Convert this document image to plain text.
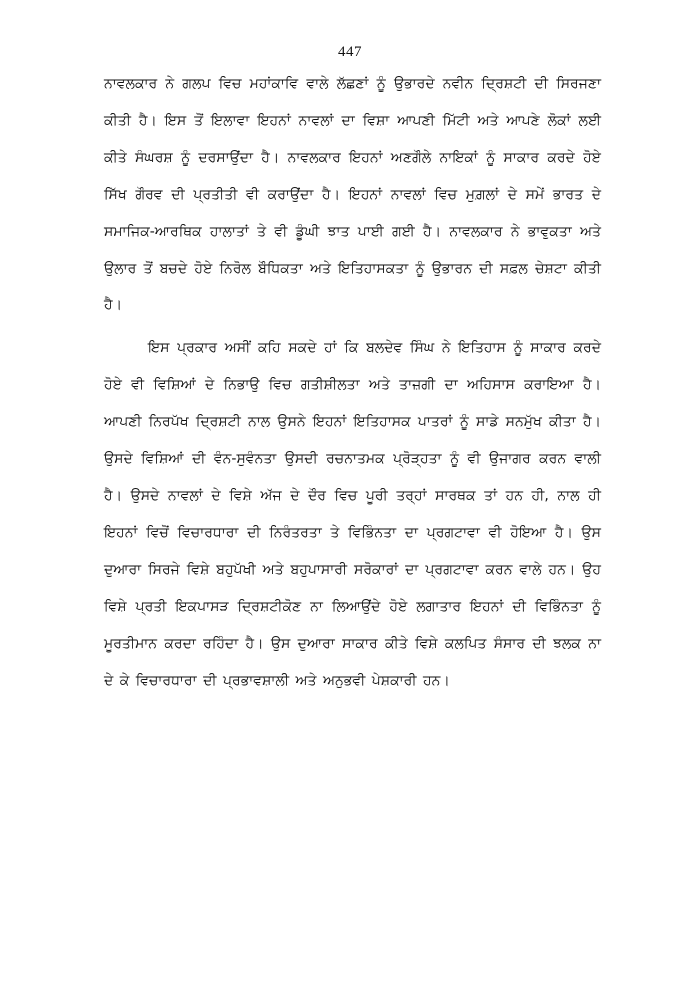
447

ਨਾਵਲਕਾਰ ਨੇ ਗਲਪ ਵਿਚ ਮਹਾਂਕਾਵਿ ਵਾਲੇ ਲੱਛਣਾਂ ਨੂੰ ਉਭਾਰਦੇ ਨਵੀਨ ਦ੍ਰਿਸ਼ਟੀ ਦੀ ਸਿਰਜਣਾ ਕੀਤੀ ਹੈ। ਇਸ ਤੋਂ ਇਲਾਵਾ ਇਹਨਾਂ ਨਾਵਲਾਂ ਦਾ ਵਿਸ਼ਾ ਆਪਣੀ ਮਿੱਟੀ ਅਤੇ ਆਪਣੇ ਲੋਕਾਂ ਲਈ ਕੀਤੇ ਸੰਘਰਸ਼ ਨੂੰ ਦਰਸਾਉਂਦਾ ਹੈ। ਨਾਵਲਕਾਰ ਇਹਨਾਂ ਅਣਗੌਲੇ ਨਾਇਕਾਂ ਨੂੰ ਸਾਕਾਰ ਕਰਦੇ ਹੋਏ ਸਿੱਖ ਗੌਰਵ ਦੀ ਪ੍ਰਤੀਤੀ ਵੀ ਕਰਾਉਂਦਾ ਹੈ। ਇਹਨਾਂ ਨਾਵਲਾਂ ਵਿਚ ਮੁਗ਼ਲਾਂ ਦੇ ਸਮੇਂ ਭਾਰਤ ਦੇ ਸਮਾਜਿਕ-ਆਰਥਿਕ ਹਾਲਾਤਾਂ ਤੇ ਵੀ ਡੂੰਘੀ ਝਾਤ ਪਾਈ ਗਈ ਹੈ। ਨਾਵਲਕਾਰ ਨੇ ਭਾਵੁਕਤਾ ਅਤੇ ਉਲਾਰ ਤੋਂ ਬਚਦੇ ਹੋਏ ਨਿਰੋਲ ਬੌਧਿਕਤਾ ਅਤੇ ਇਤਿਹਾਸਕਤਾ ਨੂੰ ਉਭਾਰਨ ਦੀ ਸਫ਼ਲ ਚੇਸ਼ਟਾ ਕੀਤੀ ਹੈ।

ਇਸ ਪ੍ਰਕਾਰ ਅਸੀਂ ਕਹਿ ਸਕਦੇ ਹਾਂ ਕਿ ਬਲਦੇਵ ਸਿੰਘ ਨੇ ਇਤਿਹਾਸ ਨੂੰ ਸਾਕਾਰ ਕਰਦੇ ਹੋਏ ਵੀ ਵਿਸ਼ਿਆਂ ਦੇ ਨਿਭਾਉ ਵਿਚ ਗਤੀਸ਼ੀਲਤਾ ਅਤੇ ਤਾਜ਼ਗੀ ਦਾ ਅਹਿਸਾਸ ਕਰਾਇਆ ਹੈ। ਆਪਣੀ ਨਿਰਪੱਖ ਦ੍ਰਿਸ਼ਟੀ ਨਾਲ ਉਸਨੇ ਇਹਨਾਂ ਇਤਿਹਾਸਕ ਪਾਤਰਾਂ ਨੂੰ ਸਾਡੇ ਸਨਮੁੱਖ ਕੀਤਾ ਹੈ। ਉਸਦੇ ਵਿਸ਼ਿਆਂ ਦੀ ਵੰਨ-ਸੁਵੰਨਤਾ ਉਸਦੀ ਰਚਨਾਤਮਕ ਪ੍ਰੋੜ੍ਹਤਾ ਨੂੰ ਵੀ ਉਜਾਗਰ ਕਰਨ ਵਾਲੀ ਹੈ। ਉਸਦੇ ਨਾਵਲਾਂ ਦੇ ਵਿਸ਼ੇ ਅੱਜ ਦੇ ਦੌਰ ਵਿਚ ਪੂਰੀ ਤਰ੍ਹਾਂ ਸਾਰਥਕ ਤਾਂ ਹਨ ਹੀ, ਨਾਲ ਹੀ ਇਹਨਾਂ ਵਿਚੋਂ ਵਿਚਾਰਧਾਰਾ ਦੀ ਨਿਰੰਤਰਤਾ ਤੇ ਵਿਭਿੰਨਤਾ ਦਾ ਪ੍ਰਗਟਾਵਾ ਵੀ ਹੋਇਆ ਹੈ। ਉਸ ਦੁਆਰਾ ਸਿਰਜੇ ਵਿਸ਼ੇ ਬਹੁਪੱਖੀ ਅਤੇ ਬਹੁਪਾਸਾਰੀ ਸਰੋਕਾਰਾਂ ਦਾ ਪ੍ਰਗਟਾਵਾ ਕਰਨ ਵਾਲੇ ਹਨ। ਉਹ ਵਿਸ਼ੇ ਪ੍ਰਤੀ ਇਕਪਾਸੜ ਦ੍ਰਿਸ਼ਟੀਕੋਣ ਨਾ ਲਿਆਉਂਦੇ ਹੋਏ ਲਗਾਤਾਰ ਇਹਨਾਂ ਦੀ ਵਿਭਿੰਨਤਾ ਨੂੰ ਮੂਰਤੀਮਾਨ ਕਰਦਾ ਰਹਿੰਦਾ ਹੈ। ਉਸ ਦੁਆਰਾ ਸਾਕਾਰ ਕੀਤੇ ਵਿਸ਼ੇ ਕਲਪਿਤ ਸੰਸਾਰ ਦੀ ਝਲਕ ਨਾ ਦੇ ਕੇ ਵਿਚਾਰਧਾਰਾ ਦੀ ਪ੍ਰਭਾਵਸ਼ਾਲੀ ਅਤੇ ਅਨੁਭਵੀ ਪੇਸ਼ਕਾਰੀ ਹਨ।
